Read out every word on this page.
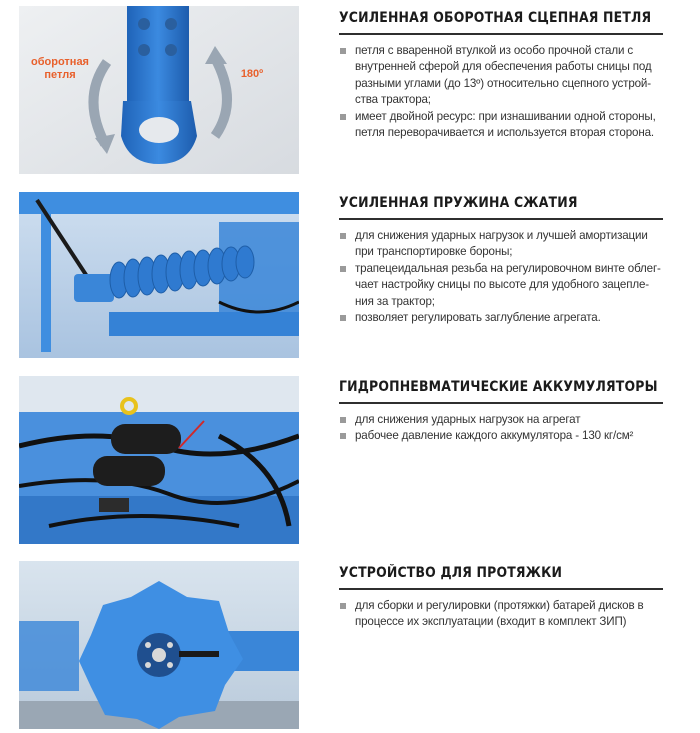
оборотная
петля	180º
УСИЛЕННАЯ ОБОРОТНАЯ СЦЕПНАЯ ПЕТЛЯ
петля с вваренной втулкой из особо прочной стали с внутренней сферой для обеспечения работы сницы под разными углами (до 13º) относительно сцепного устрой-ства трактора;
имеет двойной ресурс: при изнашивании одной стороны, петля переворачивается и используется вторая сторона.
УСИЛЕННАЯ ПРУЖИНА СЖАТИЯ
для снижения ударных нагрузок и лучшей амортизации при транспортировке бороны;
трапецеидальная резьба на регулировочном винте облег-чает настройку сницы по высоте для удобного зацепле-ния за трактор;
позволяет регулировать заглубление агрегата.
ГИДРОПНЕВМАТИЧЕСКИЕ АККУМУЛЯТОРЫ
для снижения ударных нагрузок на агрегат
рабочее давление каждого аккумулятора - 130 кг/см²
УСТРОЙСТВО ДЛЯ ПРОТЯЖКИ
для сборки и регулировки (протяжки) батарей дисков в процессе их эксплуатации (входит в комплект ЗИП)
